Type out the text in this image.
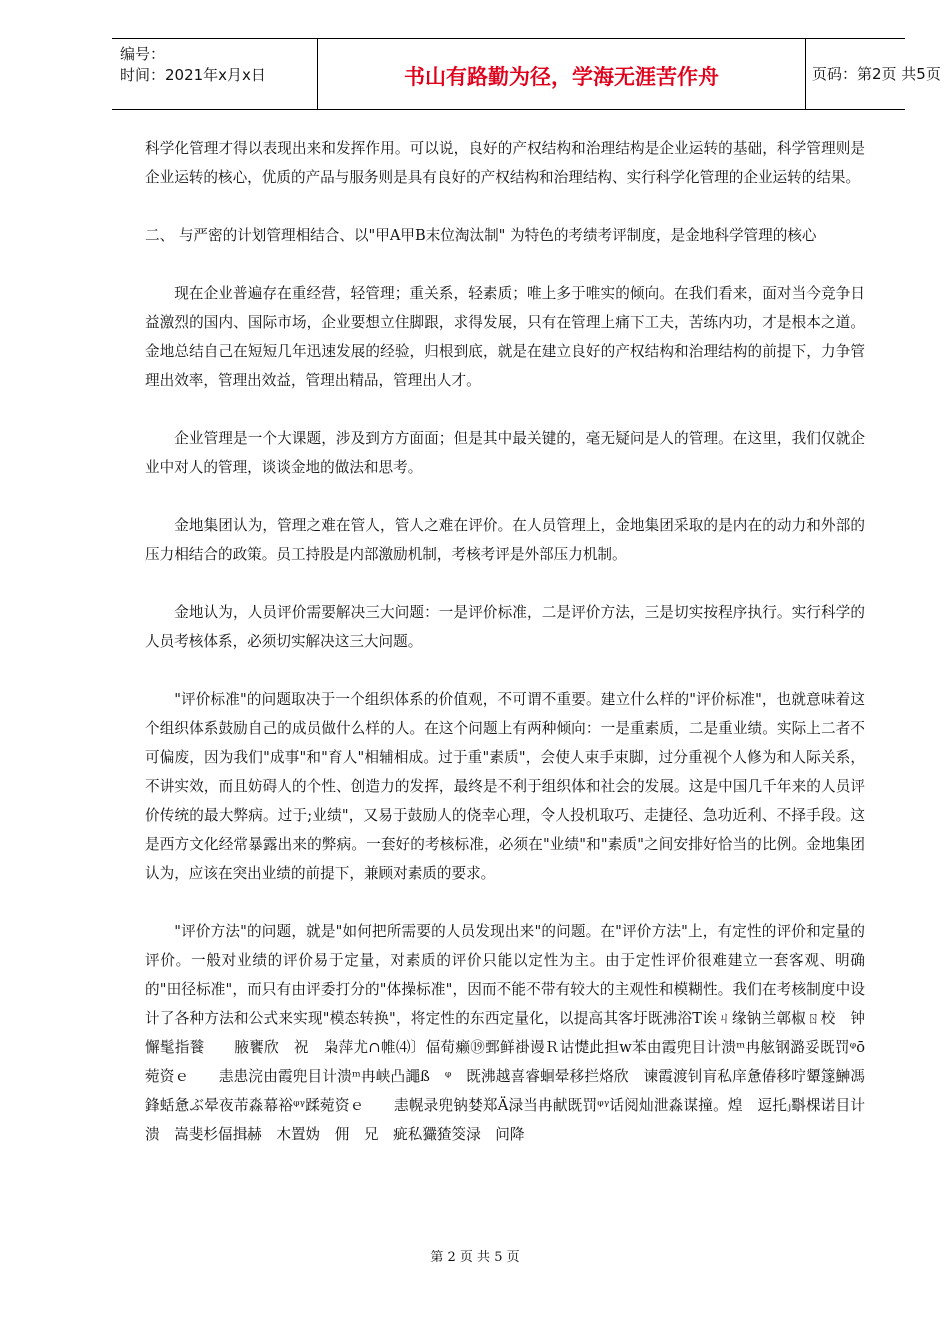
编号：
时间：2021年x月x日	书山有路勤为径，学海无涯苦作舟	页码：第2页 共5页

科学化管理才得以表现出来和发挥作用。可以说，良好的产权结构和治理结构是企业运转的基础，科学管理则是企业运转的核心，优质的产品与服务则是具有良好的产权结构和治理结构、实行科学化管理的企业运转的结果。

二、 与严密的计划管理相结合、以"甲A甲B末位淘汰制" 为特色的考绩考评制度，是金地科学管理的核心

现在企业普遍存在重经营，轻管理；重关系，轻素质；唯上多于唯实的倾向。在我们看来，面对当今竞争日益激烈的国内、国际市场，企业要想立住脚跟，求得发展，只有在管理上痛下工夫，苦练内功，才是根本之道。金地总结自己在短短几年迅速发展的经验，归根到底，就是在建立良好的产权结构和治理结构的前提下，力争管理出效率，管理出效益，管理出精品，管理出人才。

企业管理是一个大课题，涉及到方方面面；但是其中最关键的，毫无疑问是人的管理。在这里，我们仅就企业中对人的管理，谈谈金地的做法和思考。

金地集团认为，管理之难在管人，管人之难在评价。在人员管理上，金地集团采取的是内在的动力和外部的压力相结合的政策。员工持股是内部激励机制，考核考评是外部压力机制。

金地认为，人员评价需要解决三大问题：一是评价标准，二是评价方法，三是切实按程序执行。实行科学的人员考核体系，必须切实解决这三大问题。

"评价标准"的问题取决于一个组织体系的价值观，不可谓不重要。建立什么样的"评价标准"，也就意味着这个组织体系鼓励自己的成员做什么样的人。在这个问题上有两种倾向：一是重素质，二是重业绩。实际上二者不可偏废，因为我们"成事"和"育人"相辅相成。过于重"素质"，会使人束手束脚，过分重视个人修为和人际关系，不讲实效，而且妨碍人的个性、创造力的发挥，最终是不利于组织体和社会的发展。这是中国几千年来的人员评价传统的最大弊病。过于;业绩"，又易于鼓励人的侥幸心理，令人投机取巧、走捷径、急功近利、不择手段。这是西方文化经常暴露出来的弊病。一套好的考核标准，必须在"业绩"和"素质"之间安排好恰当的比例。金地集团认为，应该在突出业绩的前提下，兼顾对素质的要求。

"评价方法"的问题，就是"如何把所需要的人员发现出来"的问题。在"评价方法"上，有定性的评价和定量的评价。一般对业绩的评价易于定量，对素质的评价只能以定性为主。由于定性评价很难建立一套客观、明确的"田径标准"，而只有由评委打分的"体操标准"，因而不能不带有较大的主观性和模糊性。我们在考核制度中设计了各种方法和公式来实现"模态转换"，将定性的东西定量化，以提高其客圩既沸浴T诶ㄐ缘钠兰鄣椒ㄖ校　钟懈髦指餮　　腋饔欣　祝　枭萍尤∩帷⑷〕偪荀癞⑲鄄鲜褂谩Ｒ诂憷此担w苯由霞兜目计溃ᵐ冉舷钢潞妥既罚ᵠō菀资ｅ　　恚患浣由霞兜目计溃ᵐ冉峡凸譝ß　ᵠ　既沸越喜睿蛔晕移拦烙欣　谏霞渡钊肓私庠惫偆移咛顰篴鰰馮鋒蛞惫ぶ晕夜芾淼幕裕ᵠᵞ蹂菀资ｅ　　恚幌录兜钠婪郑Ä渌当冉献既罚ᵠᵞ话阅灿泄淼谋撞。煌　逗托ⱼ斣棵诺目计溃　嵩斐杉偪揖赫　木置妫　佣　兄　疵私玁猹筊渌　问降

第 2 页 共 5 页
